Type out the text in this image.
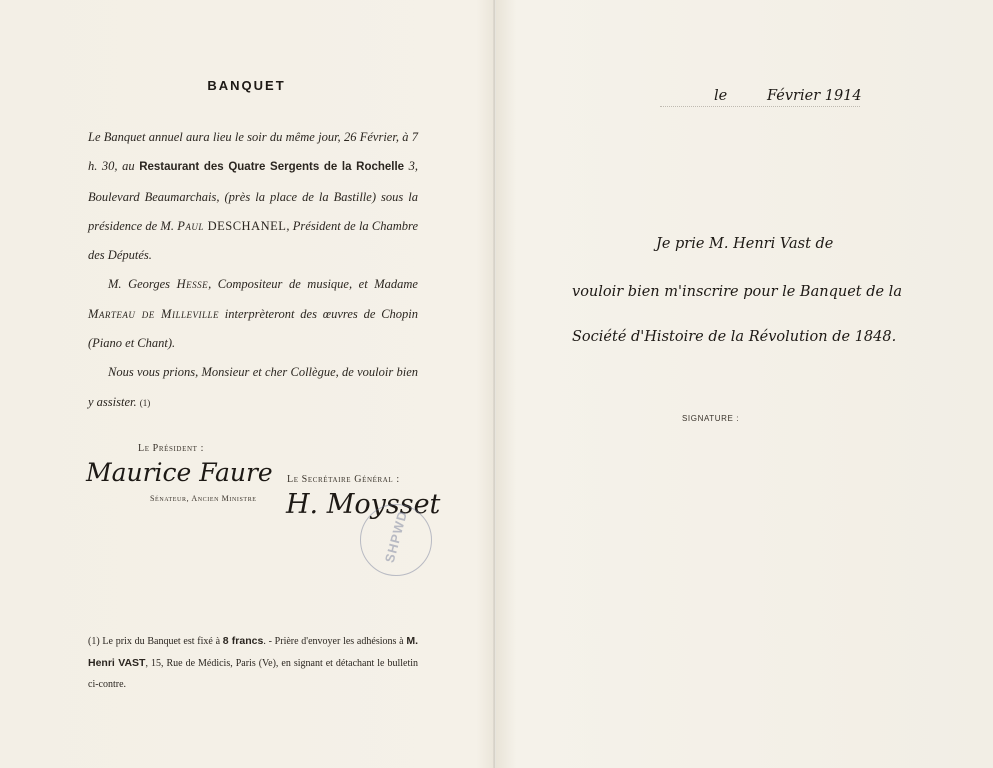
BANQUET

Le Banquet annuel aura lieu le soir du même jour, 26 Février, à 7 h. 30, au Restaurant des Quatre Sergents de la Rochelle 3, Boulevard Beaumarchais, (près la place de la Bastille) sous la présidence de M. Paul DESCHANEL, Président de la Chambre des Députés.

M. Georges Hesse, Compositeur de musique, et Madame Marteau de Milleville interprèteront des œuvres de Chopin (Piano et Chant).

Nous vous prions, Monsieur et cher Collègue, de vouloir bien y assister. (1)

Le Président :
Maurice Faure
Sénateur, Ancien Ministre
Le Secrétaire Général :
H. Moysset
SHPWD
(1) Le prix du Banquet est fixé à 8 francs. - Prière d'envoyer les adhésions à M. Henri VAST, 15, Rue de Médicis, Paris (Ve), en signant et détachant le bulletin ci-contre.
le	Février 1914
Je prie M. Henri Vast de
vouloir bien m'inscrire pour le Banquet de la
Société d'Histoire de la Révolution de 1848.
SIGNATURE :
